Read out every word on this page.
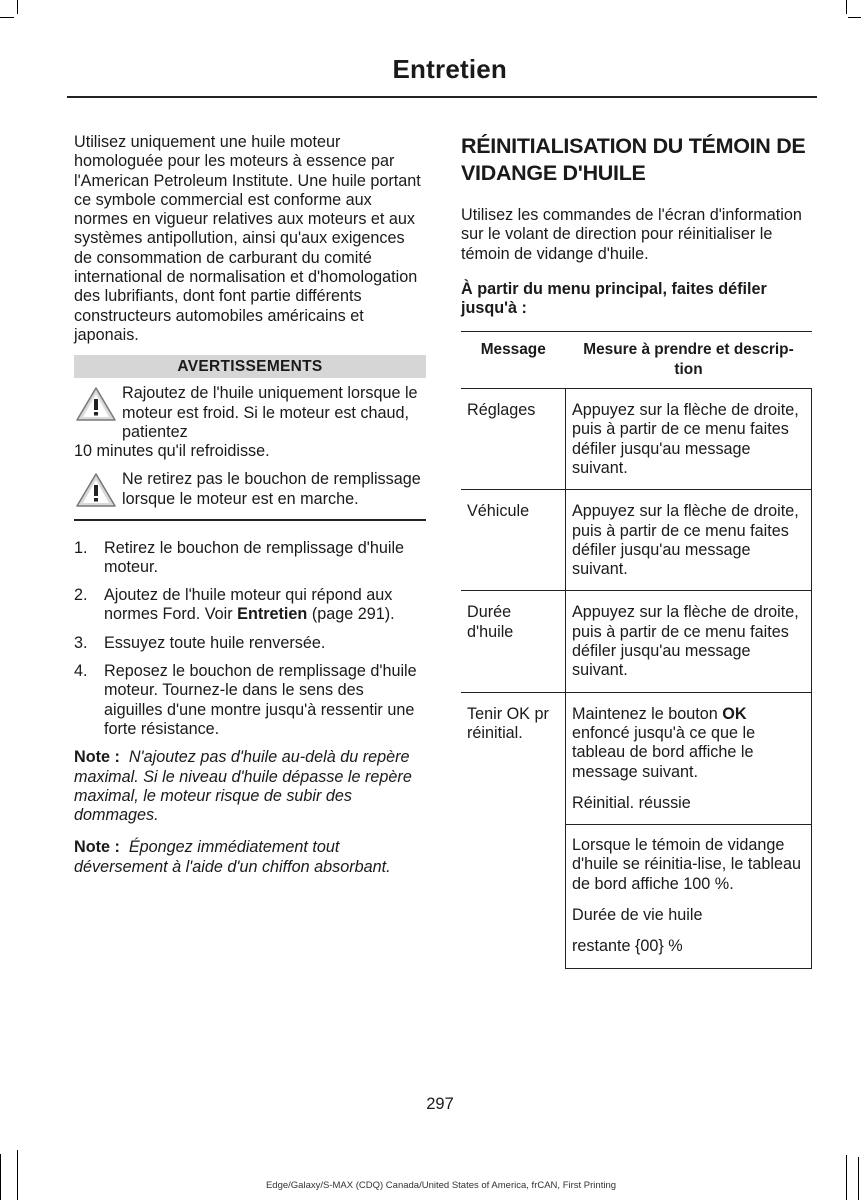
Entretien

Utilisez uniquement une huile moteur homologuée pour les moteurs à essence par l'American Petroleum Institute. Une huile portant ce symbole commercial est conforme aux normes en vigueur relatives aux moteurs et aux systèmes antipollution, ainsi qu'aux exigences de consommation de carburant du comité international de normalisation et d'homologation des lubrifiants, dont font partie différents constructeurs automobiles américains et japonais.

AVERTISSEMENTS
Rajoutez de l'huile uniquement lorsque le moteur est froid. Si le moteur est chaud, patientez
10 minutes qu'il refroidisse.
Ne retirez pas le bouchon de remplissage lorsque le moteur est en marche.
1. Retirez le bouchon de remplissage d'huile moteur.
2. Ajoutez de l'huile moteur qui répond aux normes Ford. Voir Entretien (page 291).
3. Essuyez toute huile renversée.
4. Reposez le bouchon de remplissage d'huile moteur. Tournez-le dans le sens des aiguilles d'une montre jusqu'à ressentir une forte résistance.

Note : N'ajoutez pas d'huile au-delà du repère maximal. Si le niveau d'huile dépasse le repère maximal, le moteur risque de subir des dommages.

Note : Épongez immédiatement tout déversement à l'aide d'un chiffon absorbant.

RÉINITIALISATION DU TÉMOIN DE VIDANGE D'HUILE

Utilisez les commandes de l'écran d'information sur le volant de direction pour réinitialiser le témoin de vidange d'huile.

À partir du menu principal, faites défiler jusqu'à :

Message	Mesure à prendre et descrip-tion
Réglages	Appuyez sur la flèche de droite, puis à partir de ce menu faites défiler jusqu'au message suivant.
Véhicule	Appuyez sur la flèche de droite, puis à partir de ce menu faites défiler jusqu'au message suivant.
Durée d'huile	Appuyez sur la flèche de droite, puis à partir de ce menu faites défiler jusqu'au message suivant.
Tenir OK pr réinitial.	Maintenez le bouton OK enfoncé jusqu'à ce que le tableau de bord affiche le message suivant.
Réinitial. réussie
Lorsque le témoin de vidange d'huile se réinitia-lise, le tableau de bord affiche 100 %.
Durée de vie huile
restante {00} %
297
Edge/Galaxy/S-MAX (CDQ) Canada/United States of America, frCAN, First Printing
